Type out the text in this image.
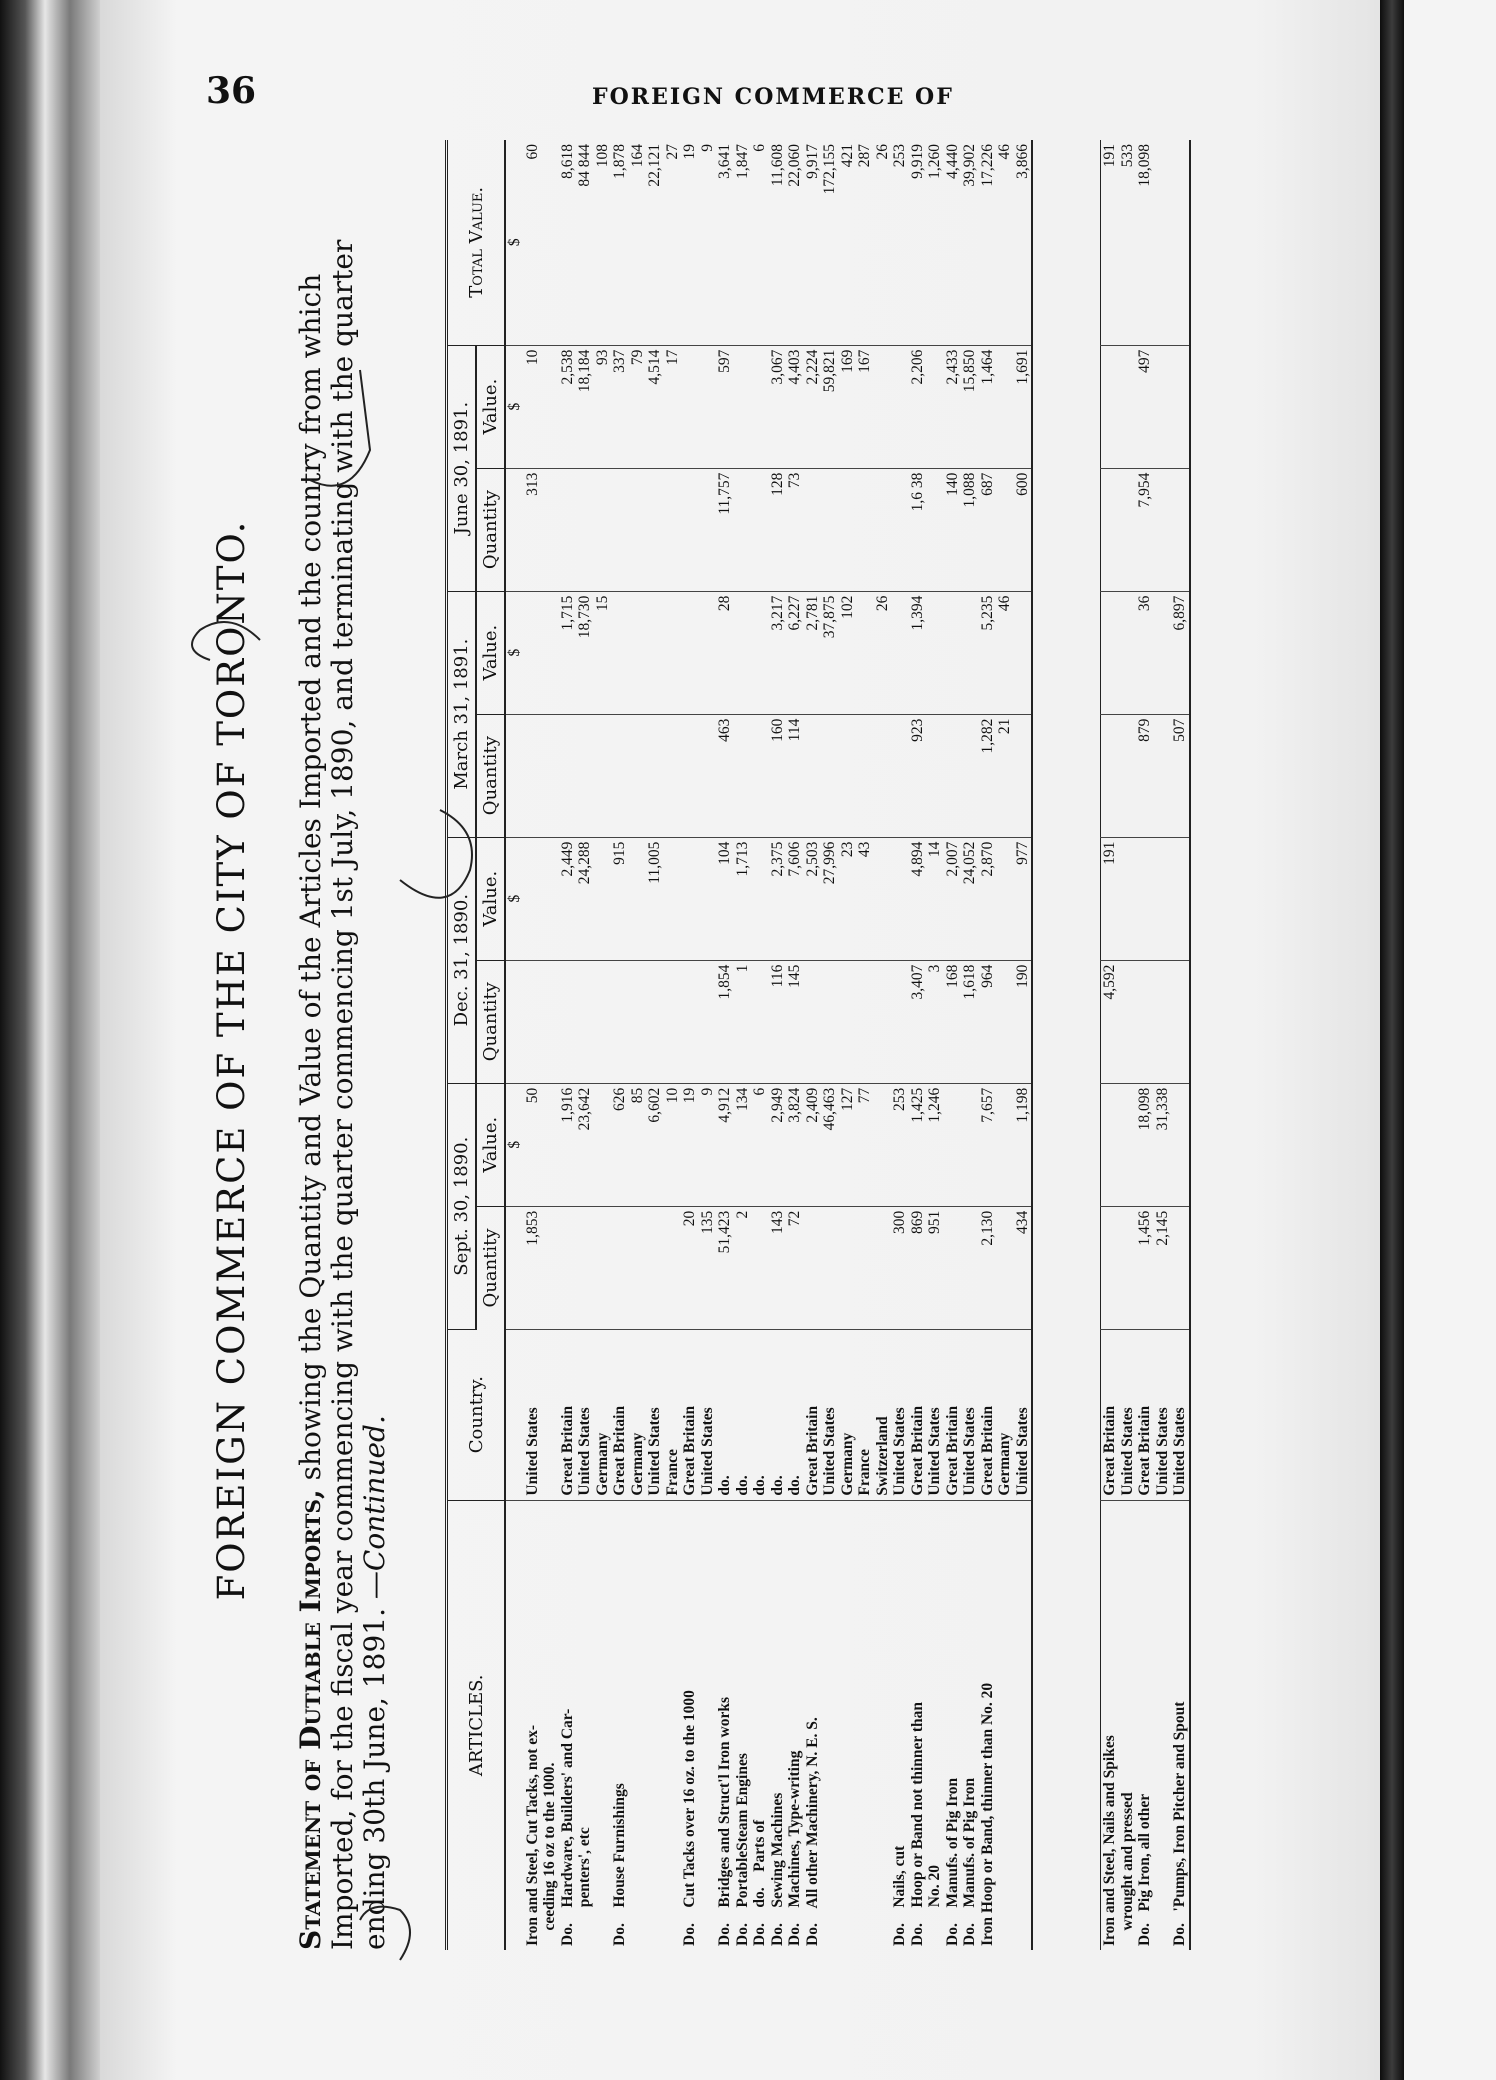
36	FOREIGN COMMERCE OF
FOREIGN COMMERCE OF THE CITY OF TORONTO.
Statement of Dutiable Imports, showing the Quantity and Value of the Articles Imported and the country from which Imported, for the fiscal year commencing with the quarter commencing 1st July, 1890, and terminating with the quarter ending 30th June, 1891. —Continued.
ARTICLES.	Country.	Sept. 30, 1890.		Dec. 31, 1890.		March 31, 1891.		June 30, 1891.		Total Value.
		Quantity	Value.	Quantity	Value.	Quantity	Value.	Quantity	Value.	
			$		$		$		$	$
Iron and Steel, Cut Tacks, not ex-	United States	1,853	50					313	10	60
ceeding 16 oz to the 1000.										
Do.    Hardware, Builders' and Car-	Great Britain		1,916		2,449		1,715		2,538	8,618
penters', etc	United States		23,642		24,288		18,730		18,184	84 844
	Germany						15		93	108
Do.    House Furnishings	Great Britain		626		915				337	1,878
	Germany		85						79	164
	United States		6,602		11,005				4,514	22,121
	France		10						17	27
Do.    Cut Tacks over 16 oz. to the 1000	Great Britain	20	19							19
	United States	135	9							9
Do.    Bridges and Struct'l Iron works	do.	51,423	4,912	1,854	104	463	28	11,757	597	3,641
Do.    PortableSteam Engines	do.	2	134	1	1,713					1,847
Do.    do.    Parts of	do.		6							6
Do.    Sewing Machines	do.	143	2,949	116	2,375	160	3,217	128	3,067	11,608
Do.    Machines, Type-writing	do.	72	3,824	145	7,606	114	6,227	73	4,403	22,060
Do.    All other Machinery, N. E. S.	Great Britain		2,409		2,503		2,781		2,224	9,917
	United States		46,463		27,996		37,875		59,821	172,155
	Germany		127		23		102		169	421
	France		77		43				167	287
	Switzerland						26			26
Do.    Nails, cut	United States	300	253							253
Do.    Hoop or Band not thinner than	Great Britain	869	1,425	3,407	4,894	923	1,394	1,6 38	2,206	9,919
No. 20	United States	951	1,246	3	14					1,260
Do.    Manufs. of Pig Iron	Great Britain			168	2,007			140	2,433	4,440
Do.    Manufs. of Pig Iron	United States			1,618	24,052			1,088	15,850	39,902
Iron Hoop or Band, thinner than No. 20	Great Britain	2,130	7,657	964	2,870	1,282	5,235	687	1,464	17,226
	Germany					21	46			46
	United States	434	1,198	190	977			600	1,691	3,866
Iron and Steel, Nails and Spikes	Great Britain			4,592	191					191
wrought and pressed	United States									533
Do.   Pig Iron, all other	Great Britain	1,456	18,098			879	36	7,954	497	18,098
	United States	2,145	31,338							
Do.   'Pumps, Iron Pitcher and Spout	United States					507	6,897			
